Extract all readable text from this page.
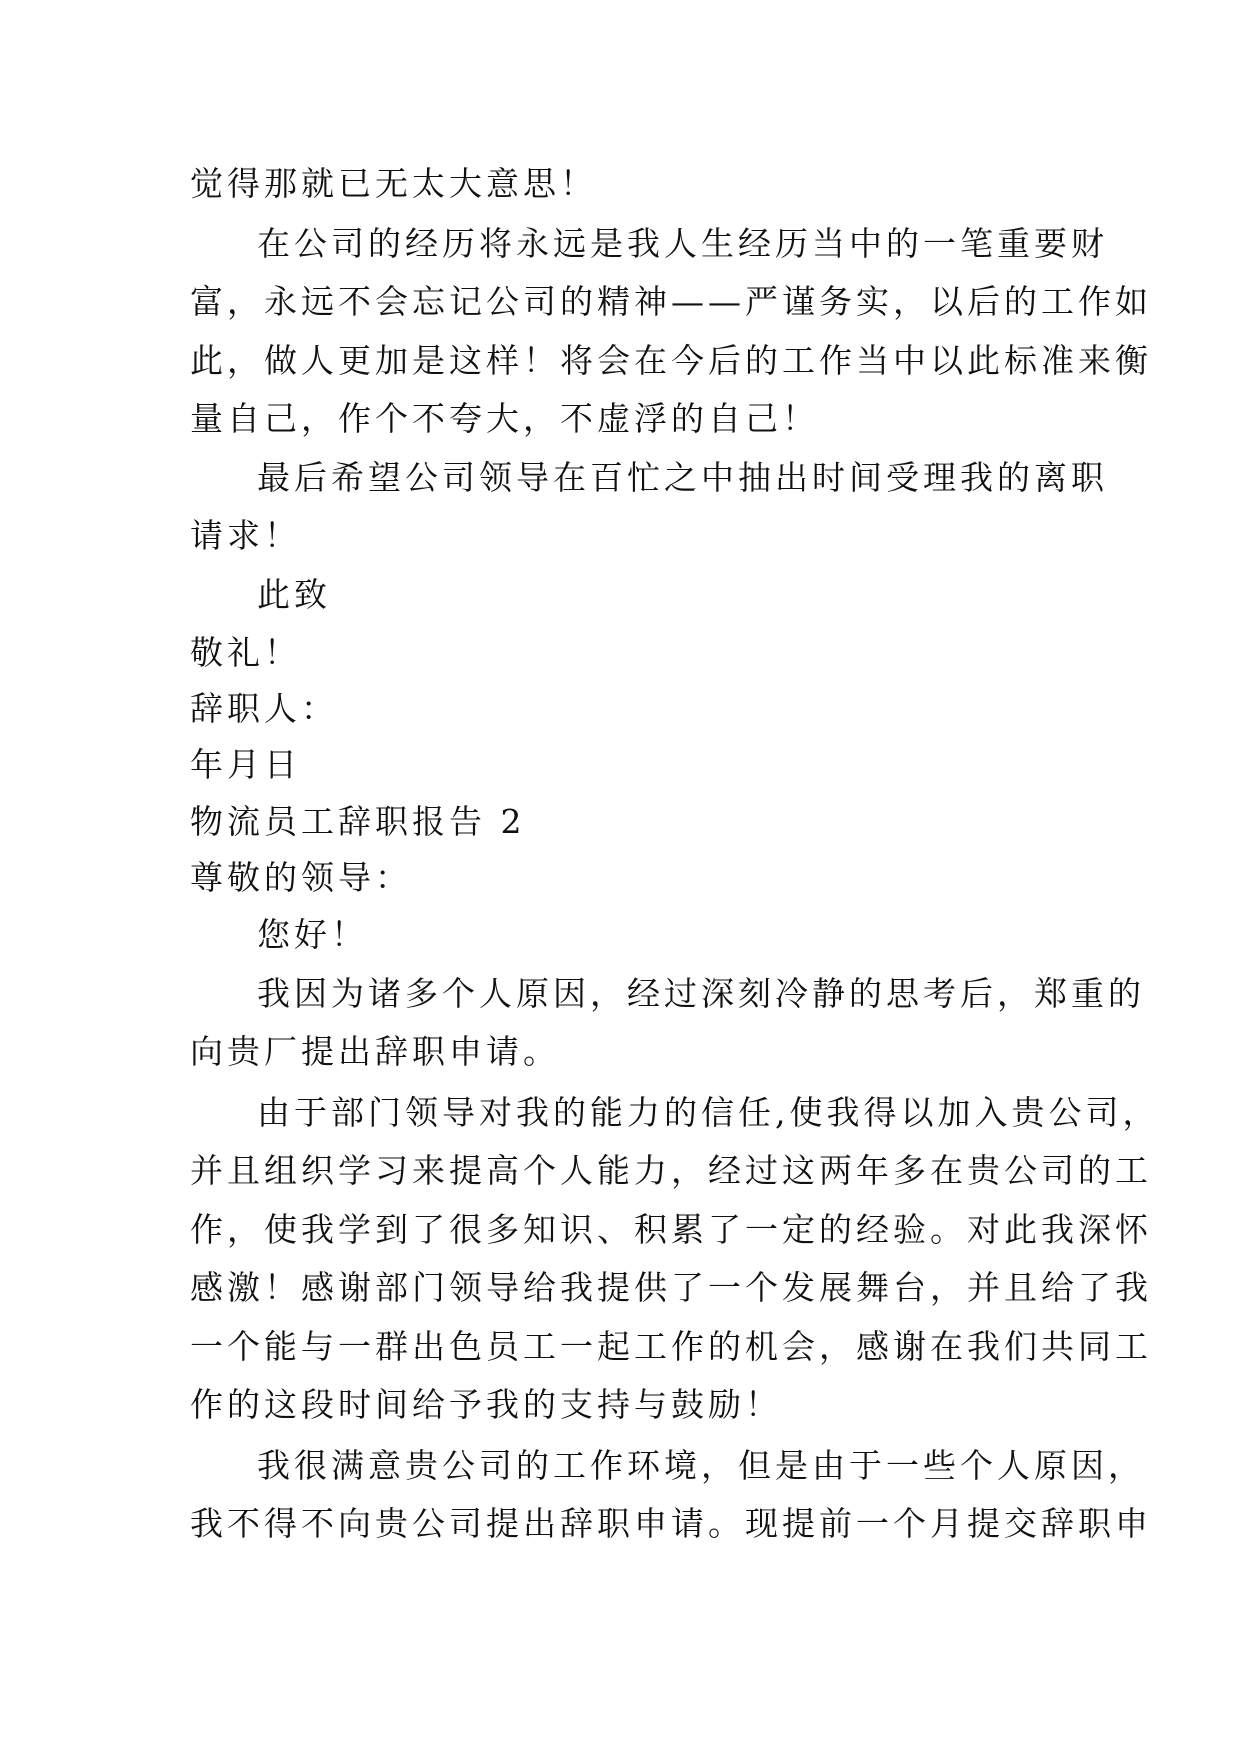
觉得那就已无太大意思！

在公司的经历将永远是我人生经历当中的一笔重要财

富，永远不会忘记公司的精神——严谨务实，以后的工作如

此，做人更加是这样！将会在今后的工作当中以此标准来衡

量自己，作个不夸大，不虚浮的自己！

最后希望公司领导在百忙之中抽出时间受理我的离职

请求！

此致

敬礼！

辞职人：

年月日

物流员工辞职报告 2

尊敬的领导：

您好！

我因为诸多个人原因，经过深刻冷静的思考后，郑重的

向贵厂提出辞职申请。

由于部门领导对我的能力的信任,使我得以加入贵公司，

并且组织学习来提高个人能力，经过这两年多在贵公司的工

作，使我学到了很多知识、积累了一定的经验。对此我深怀

感激！感谢部门领导给我提供了一个发展舞台，并且给了我

一个能与一群出色员工一起工作的机会，感谢在我们共同工

作的这段时间给予我的支持与鼓励！

我很满意贵公司的工作环境，但是由于一些个人原因，

我不得不向贵公司提出辞职申请。现提前一个月提交辞职申
